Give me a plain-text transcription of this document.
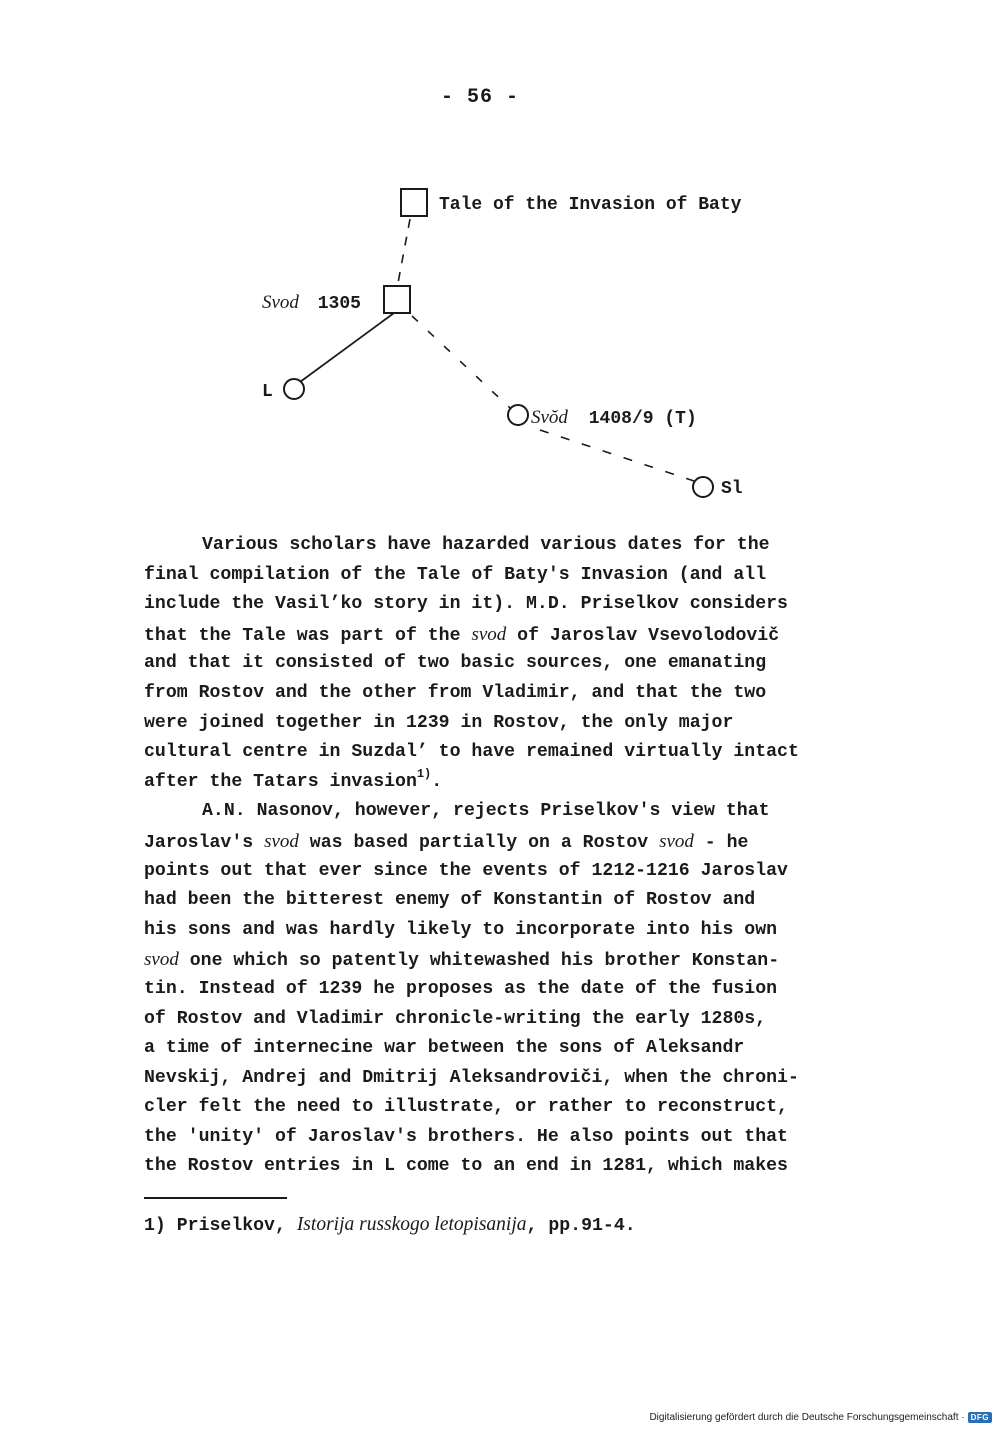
- 56 -
Tale of the Invasion of Baty
Svod 1305
L
Svŏd 1408/9 (T)
Sl
Various scholars have hazarded various dates for the
final compilation of the Tale of Baty's Invasion (and all
include the Vasil’ko story in it). M.D. Priselkov considers
that the Tale was part of the svod of Jaroslav Vsevolodovič
and that it consisted of two basic sources, one emanating
from Rostov and the other from Vladimir, and that the two
were joined together in 1239 in Rostov, the only major
cultural centre in Suzdal’ to have remained virtually intact
after the Tatars invasion$^{1)}$.
A.N. Nasonov, however, rejects Priselkov's view that
Jaroslav's svod was based partially on a Rostov svod - he
points out that ever since the events of 1212-1216 Jaroslav
had been the bitterest enemy of Konstantin of Rostov and
his sons and was hardly likely to incorporate into his own
svod one which so patently whitewashed his brother Konstan-
tin. Instead of 1239 he proposes as the date of the fusion
of Rostov and Vladimir chronicle-writing the early 1280s,
a time of internecine war between the sons of Aleksandr
Nevskij, Andrej and Dmitrij Aleksandroviči, when the chroni-
cler felt the need to illustrate, or rather to reconstruct,
the 'unity' of Jaroslav's brothers. He also points out that
the Rostov entries in L come to an end in 1281, which makes
1) Priselkov, Istorija russkogo letopisanija, pp.91-4.
Digitalisierung gefördert durch die Deutsche Forschungsgemeinschaft · DFG
